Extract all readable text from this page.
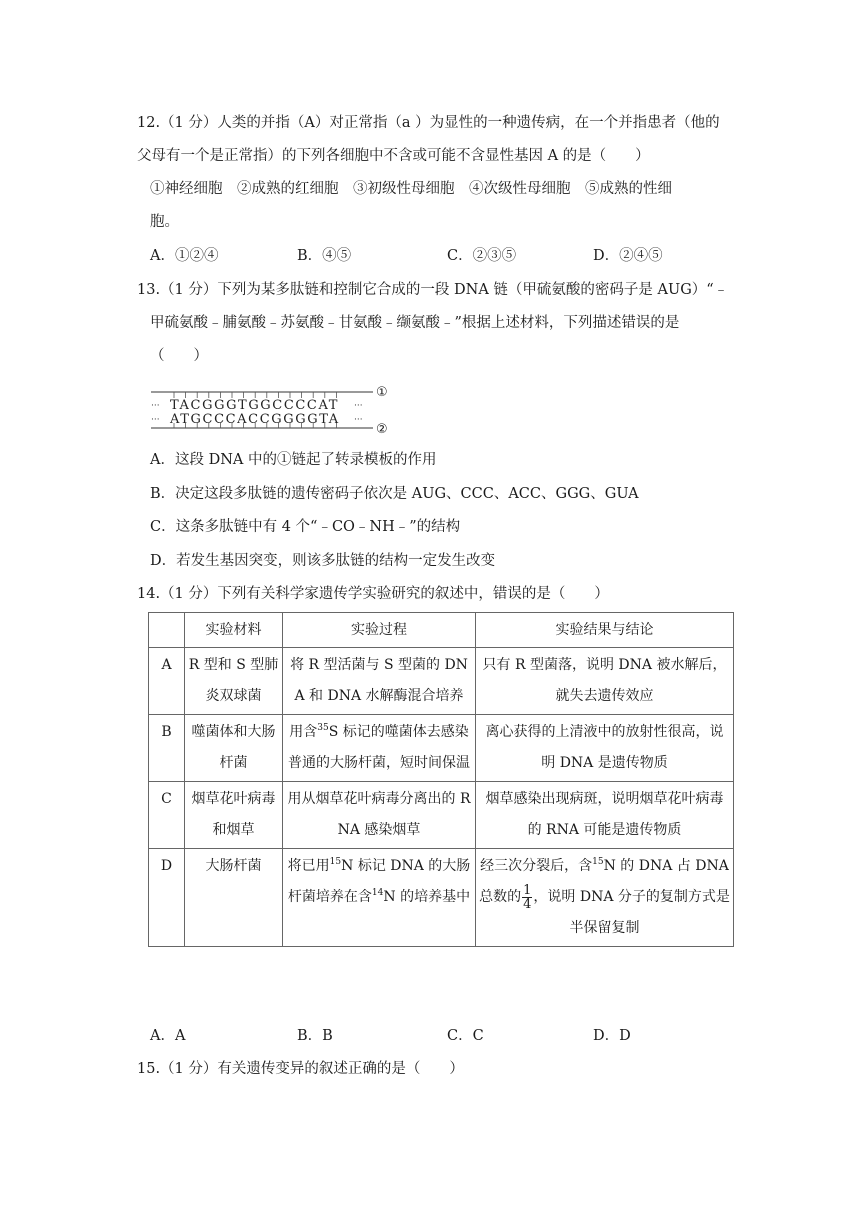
12.（1 分）人类的并指（A）对正常指（a ）为显性的一种遗传病，在一个并指患者（他的
父母有一个是正常指）的下列各细胞中不含或可能不含显性基因 A 的是（　　）
①神经细胞　②成熟的红细胞　③初级性母细胞　④次级性母细胞　⑤成熟的性细
胞。
A．①②④	B．④⑤	C．②③⑤	D．②④⑤
13.（1 分）下列为某多肽链和控制它合成的一段 DNA 链（甲硫氨酸的密码子是 AUG）“﹣
甲硫氨酸﹣脯氨酸﹣苏氨酸﹣甘氨酸﹣缬氨酸﹣”根据上述材料，下列描述错误的是
（　　）
···
···
TACGGGTGGCCCCAT
ATGCCCACCGGGGTA
···
···
①
②
A．这段 DNA 中的①链起了转录模板的作用
B．决定这段多肽链的遗传密码子依次是 AUG、CCC、ACC、GGG、GUA
C．这条多肽链中有 4 个“﹣CO﹣NH﹣”的结构
D．若发生基因突变，则该多肽链的结构一定发生改变
14.（1 分）下列有关科学家遗传学实验研究的叙述中，错误的是（　　）
	实验材料	实验过程	实验结果与结论
A	R 型和 S 型肺炎双球菌	将 R 型活菌与 S 型菌的 DNA 和 DNA 水解酶混合培养	只有 R 型菌落，说明 DNA 被水解后，就失去遗传效应
B	噬菌体和大肠杆菌	用含$^{35}$S 标记的噬菌体去感染普通的大肠杆菌，短时间保温	离心获得的上清液中的放射性很高，说明 DNA 是遗传物质
C	烟草花叶病毒和烟草	用从烟草花叶病毒分离出的 RNA 感染烟草	烟草感染出现病斑，说明烟草花叶病毒的 RNA 可能是遗传物质
D	大肠杆菌	将已用$^{15}$N 标记 DNA 的大肠杆菌培养在含$^{14}$N 的培养基中	经三次分裂后，含$^{15}$N 的 DNA 占 DNA 总数的 $\frac{1}{4}$ ，说明 DNA 分子的复制方式是半保留复制
A．A	B．B	C．C	D．D
15.（1 分）有关遗传变异的叙述正确的是（　　）
